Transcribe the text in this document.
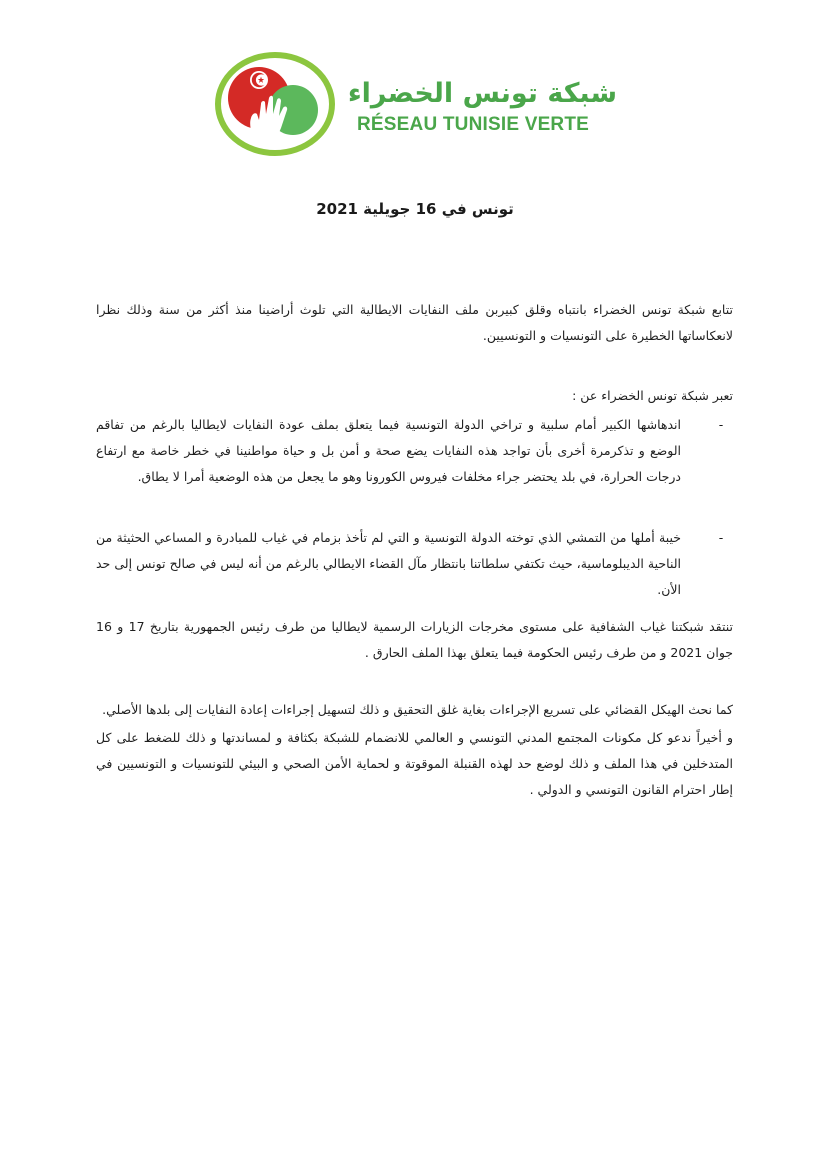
شبكة تونس الخضراء
RÉSEAU TUNISIE VERTE
تونس في 16 جويلية 2021
تتابع شبكة تونس الخضراء بانتباه وقلق كبيربن ملف النفايات الايطالية التي تلوث أراضينا منذ أكثر من سنة وذلك نظرا لانعكاساتها الخطيرة على التونسيات و التونسيين.
تعبر شبكة تونس الخضراء عن :
-
اندهاشها الكبير أمام سلبية و تراخي الدولة التونسية فيما يتعلق بملف عودة النفايات لايطاليا بالرغم من تفاقم الوضع و تذكرمرة أخرى بأن تواجد هذه النفايات يضع صحة و أمن بل و حياة مواطنينا في خطر خاصة مع ارتفاع درجات الحرارة، في بلد يحتضر جراء مخلفات فيروس الكورونا وهو ما يجعل من هذه الوضعية أمرا لا يطاق.
-
خيبة أملها من التمشي الذي توخته الدولة التونسية و التي لم تأخذ بزمام في غياب للمبادرة و المساعي الحثيثة من الناحية الديبلوماسية، حيث تكتفي سلطاتنا بانتظار مآل القضاء الايطالي بالرغم من أنه ليس في صالح تونس إلى حد الأن.
تنتقد شبكتنا غياب الشفافية على مستوى مخرجات الزيارات الرسمية لايطاليا من طرف رئيس الجمهورية بتاريخ 17 و 16 جوان 2021 و من طرف رئيس الحكومة فيما يتعلق بهذا الملف الحارق .
كما نحث الهيكل القضائي على تسريع الإجراءات بغاية غلق التحقيق و ذلك لتسهيل إجراءات إعادة النفايات إلى بلدها الأصلي.
و أخيراً ندعو كل مكونات المجتمع المدني التونسي و العالمي للانضمام للشبكة بكثافة و لمساندتها و ذلك للضغط على كل المتدخلين في هذا الملف و ذلك لوضع حد لهذه القنبلة الموقوتة و لحماية الأمن الصحي و البيئي للتونسيات و التونسيين في إطار احترام القانون التونسي و الدولي .
